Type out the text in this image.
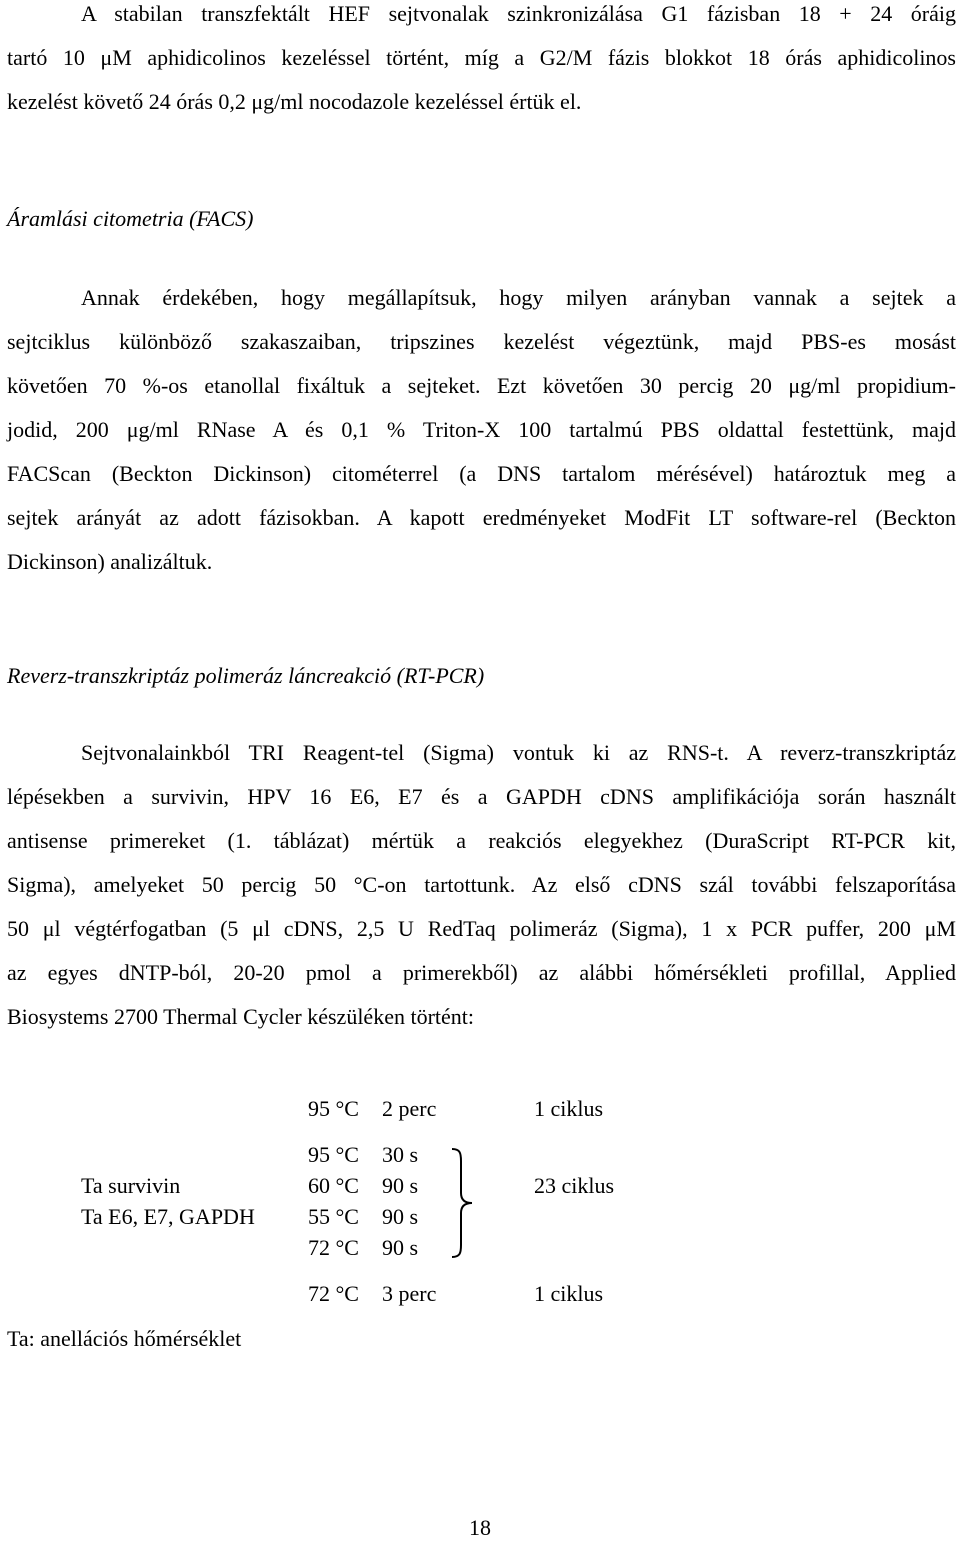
A stabilan transzfektált HEF sejtvonalak szinkronizálása G1 fázisban 18 + 24 óráig
tartó 10 μM aphidicolinos kezeléssel történt, míg a G2/M fázis blokkot 18 órás aphidicolinos
kezelést követő 24 órás 0,2 μg/ml nocodazole kezeléssel értük el.
Áramlási citometria (FACS)
Annak érdekében, hogy megállapítsuk, hogy milyen arányban vannak a sejtek a
sejtciklus különböző szakaszaiban, tripszines kezelést végeztünk, majd PBS-es mosást
követően 70 %-os etanollal fixáltuk a sejteket. Ezt követően 30 percig 20 μg/ml propidium-
jodid, 200 μg/ml RNase A és 0,1 % Triton-X 100 tartalmú PBS oldattal festettünk, majd
FACScan (Beckton Dickinson) citométerrel (a DNS tartalom mérésével) határoztuk meg a
sejtek arányát az adott fázisokban. A kapott eredményeket ModFit LT software-rel (Beckton
Dickinson) analizáltuk.
Reverz-transzkriptáz polimeráz láncreakció (RT-PCR)
Sejtvonalainkból TRI Reagent-tel (Sigma) vontuk ki az RNS-t. A reverz-transzkriptáz
lépésekben a survivin, HPV 16 E6, E7 és a GAPDH cDNS amplifikációja során használt
antisense primereket (1. táblázat) mértük a reakciós elegyekhez (DuraScript RT-PCR kit,
Sigma), amelyeket 50 percig 50 °C-on tartottunk. Az első cDNS szál további felszaporítása
50 μl végtérfogatban (5 μl cDNS, 2,5 U RedTaq polimeráz (Sigma), 1 x PCR puffer, 200 μM
az egyes dNTP-ból, 20-20 pmol a primerekből) az alábbi hőmérsékleti profillal, Applied
Biosystems 2700 Thermal Cycler készüléken történt:
95 °C 2 perc	1 ciklus
95 °C 30 s
Ta survivin	60 °C 90 s	23 ciklus
Ta E6, E7, GAPDH 55 °C 90 s
72 °C 90 s
72 °C 3 perc	1 ciklus
Ta: anellációs hőmérséklet
18
